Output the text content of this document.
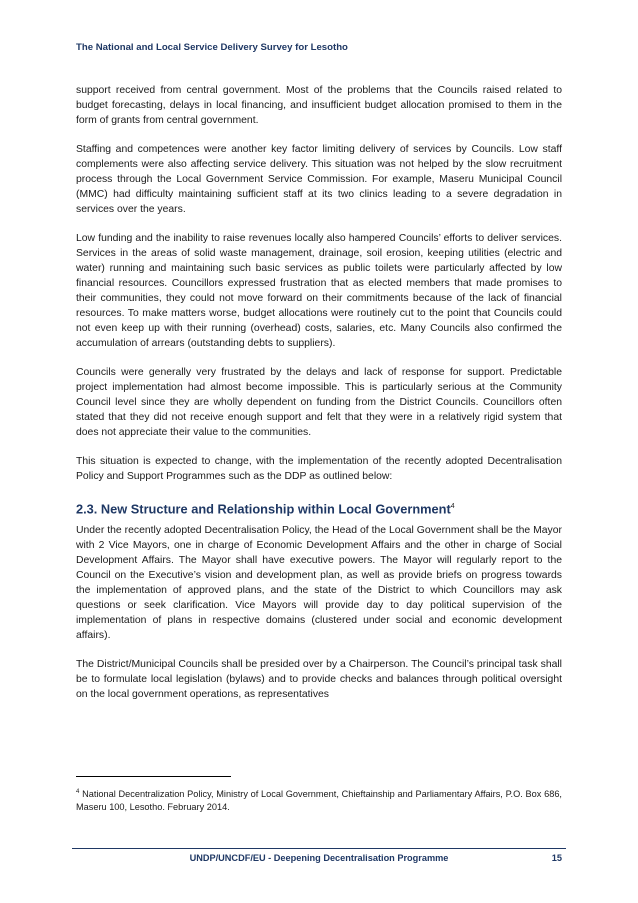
The National and Local Service Delivery Survey for Lesotho

support received from central government. Most of the problems that the Councils raised related to budget forecasting, delays in local financing, and insufficient budget allocation promised to them in the form of grants from central government.

Staffing and competences were another key factor limiting delivery of services by Councils. Low staff complements were also affecting service delivery. This situation was not helped by the slow recruitment process through the Local Government Service Commission. For example, Maseru Municipal Council (MMC) had difficulty maintaining sufficient staff at its two clinics leading to a severe degradation in services over the years.

Low funding and the inability to raise revenues locally also hampered Councils’ efforts to deliver services. Services in the areas of solid waste management, drainage, soil erosion, keeping utilities (electric and water) running and maintaining such basic services as public toilets were particularly affected by low financial resources. Councillors expressed frustration that as elected members that made promises to their communities, they could not move forward on their commitments because of the lack of financial resources. To make matters worse, budget allocations were routinely cut to the point that Councils could not even keep up with their running (overhead) costs, salaries, etc. Many Councils also confirmed the accumulation of arrears (outstanding debts to suppliers).

Councils were generally very frustrated by the delays and lack of response for support. Predictable project implementation had almost become impossible. This is particularly serious at the Community Council level since they are wholly dependent on funding from the District Councils. Councillors often stated that they did not receive enough support and felt that they were in a relatively rigid system that does not appreciate their value to the communities.

This situation is expected to change, with the implementation of the recently adopted Decentralisation Policy and Support Programmes such as the DDP as outlined below:

2.3. New Structure and Relationship within Local Government$^4$

Under the recently adopted Decentralisation Policy, the Head of the Local Government shall be the Mayor with 2 Vice Mayors, one in charge of Economic Development Affairs and the other in charge of Social Development Affairs. The Mayor shall have executive powers. The Mayor will regularly report to the Council on the Executive’s vision and development plan, as well as provide briefs on progress towards the implementation of approved plans, and the state of the District to which Councillors may ask questions or seek clarification. Vice Mayors will provide day to day political supervision of the implementation of plans in respective domains (clustered under social and economic development affairs).

The District/Municipal Councils shall be presided over by a Chairperson. The Council’s principal task shall be to formulate local legislation (bylaws) and to provide checks and balances through political oversight on the local government operations, as representatives

$^4$ National Decentralization Policy, Ministry of Local Government, Chieftainship and Parliamentary Affairs, P.O. Box 686, Maseru 100, Lesotho. February 2014.
UNDP/UNCDF/EU - Deepening Decentralisation Programme	15
